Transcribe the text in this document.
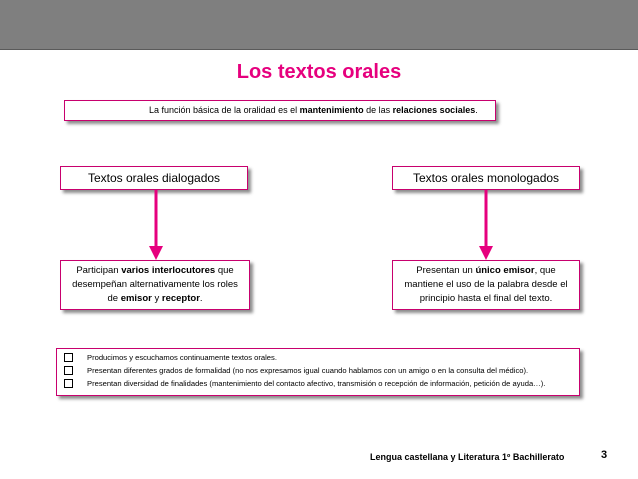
Los textos orales
La función básica de la oralidad es el mantenimiento de las relaciones sociales.
Textos orales dialogados	Textos orales monologados
Participan varios interlocutores que
desempeñan alternativamente los roles
de emisor y receptor.
Presentan un único emisor, que
mantiene el uso de la palabra desde el
principio hasta el final del texto.
Producimos y escuchamos continuamente textos orales.
Presentan diferentes grados de formalidad (no nos expresamos igual cuando hablamos con un amigo o en la consulta del médico).
Presentan diversidad de finalidades (mantenimiento del contacto afectivo, transmisión o recepción de información, petición de ayuda…).
Lengua castellana y Literatura 1º Bachillerato	3
